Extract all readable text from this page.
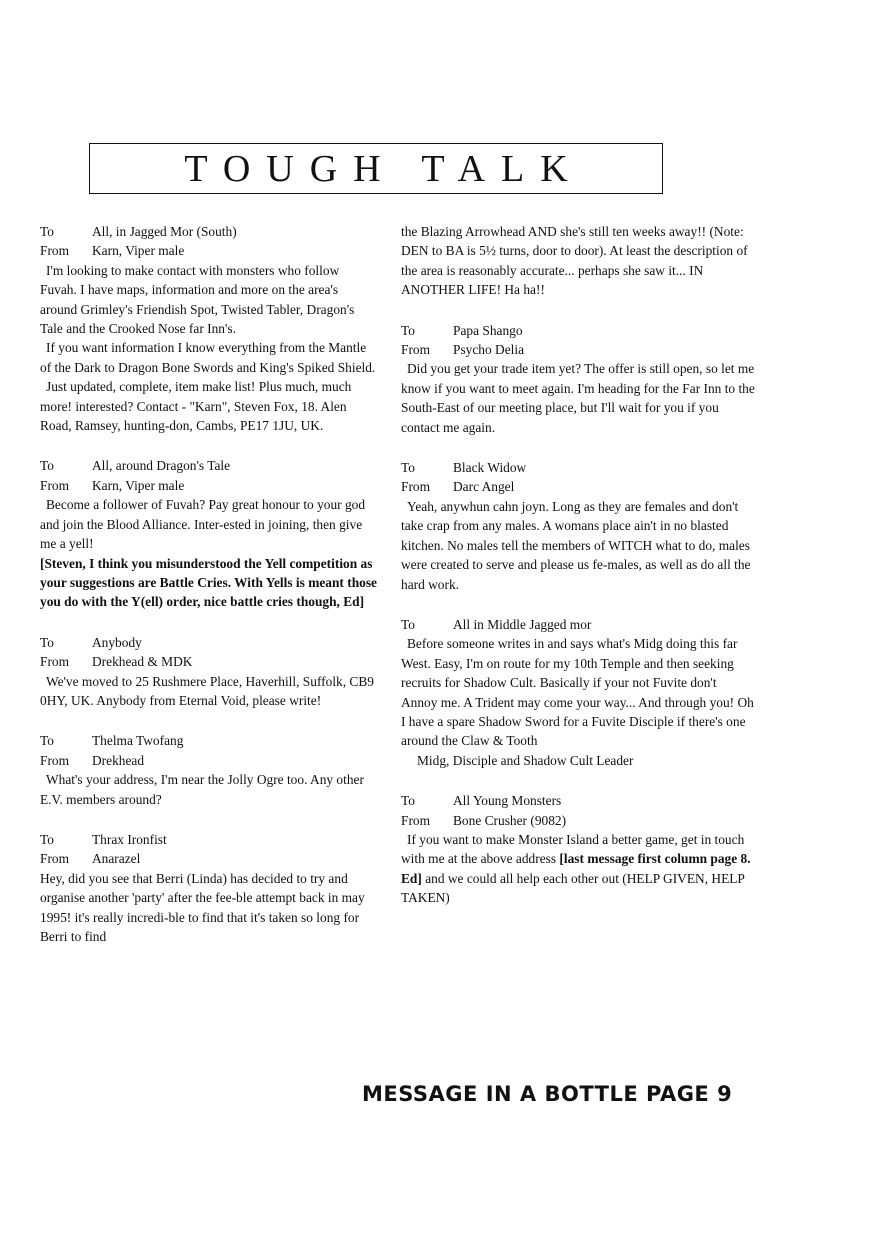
TOUGH TALK
To	All, in Jagged Mor (South)
From	Karn, Viper male

I'm looking to make contact with monsters who follow Fuvah. I have maps, information and more on the area's around Grimley's Friendish Spot, Twisted Tabler, Dragon's Tale and the Crooked Nose far Inn's.

If you want information I know everything from the Mantle of the Dark to Dragon Bone Swords and King's Spiked Shield.

Just updated, complete, item make list! Plus much, much more! interested? Contact - "Karn", Steven Fox, 18. Alen Road, Ramsey, hunting-don, Cambs, PE17 1JU, UK.

To	All, around Dragon's Tale
From	Karn, Viper male

Become a follower of Fuvah? Pay great honour to your god and join the Blood Alliance. Inter-ested in joining, then give me a yell!

[Steven, I think you misunderstood the Yell competition as your suggestions are Battle Cries. With Yells is meant those you do with the Y(ell) order, nice battle cries though, Ed]

To	Anybody
From	Drekhead & MDK

We've moved to 25 Rushmere Place, Haverhill, Suffolk, CB9 0HY, UK. Anybody from Eternal Void, please write!

To	Thelma Twofang
From	Drekhead

What's your address, I'm near the Jolly Ogre too. Any other E.V. members around?

To	Thrax Ironfist
From	Anarazel

Hey, did you see that Berri (Linda) has decided to try and organise another 'party' after the fee-ble attempt back in may 1995! it's really incredi-ble to find that it's taken so long for Berri to find

the Blazing Arrowhead AND she's still ten weeks away!! (Note: DEN to BA is 5½ turns, door to door). At least the description of the area is reasonably accurate... perhaps she saw it... IN ANOTHER LIFE! Ha ha!!

To	Papa Shango
From	Psycho Delia

Did you get your trade item yet? The offer is still open, so let me know if you want to meet again. I'm heading for the Far Inn to the South-East of our meeting place, but I'll wait for you if you contact me again.

To	Black Widow
From	Darc Angel

Yeah, anywhun cahn joyn. Long as they are females and don't take crap from any males. A womans place ain't in no blasted kitchen. No males tell the members of WITCH what to do, males were created to serve and please us fe-males, as well as do all the hard work.

To	All in Middle Jagged mor

Before someone writes in and says what's Midg doing this far West. Easy, I'm on route for my 10th Temple and then seeking recruits for Shadow Cult. Basically if your not Fuvite don't Annoy me. A Trident may come your way... And through you! Oh I have a spare Shadow Sword for a Fuvite Disciple if there's one around the Claw & Tooth

Midg, Disciple and Shadow Cult Leader

To	All Young Monsters
From	Bone Crusher (9082)

If you want to make Monster Island a better game, get in touch with me at the above address [last message first column page 8. Ed] and we could all help each other out (HELP GIVEN, HELP TAKEN)

MESSAGE IN A BOTTLE PAGE 9
